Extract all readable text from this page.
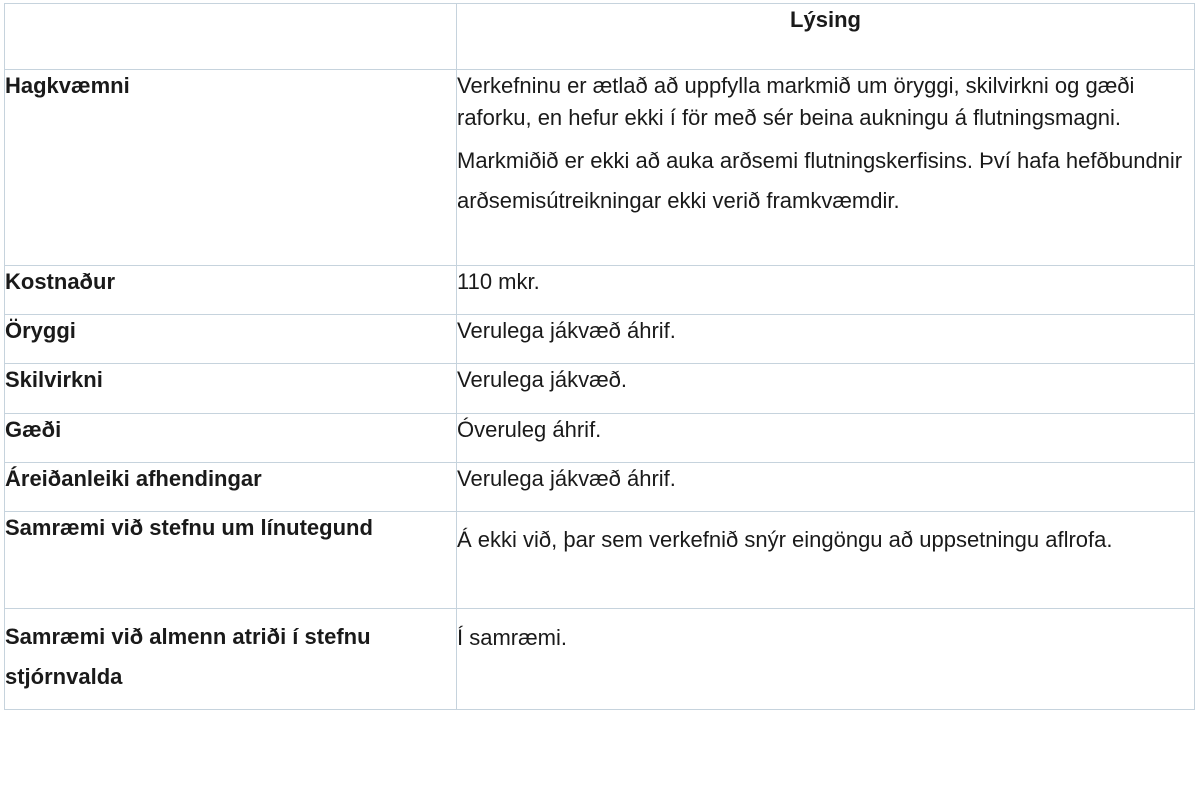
	Lýsing
Hagkvæmni	Verkefninu er ætlað að uppfylla markmið um öryggi, skilvirkni og gæði raforku, en hefur ekki í för með sér beina aukningu á flutningsmagni.

Markmiðið er ekki að auka arðsemi flutningskerfisins. Því hafa hefðbundnir arðsemisútreikningar ekki verið framkvæmdir.

Kostnaður	110 mkr.

Öryggi	Verulega jákvæð áhrif.

Skilvirkni	Verulega jákvæð.

Gæði	Óveruleg áhrif.

Áreiðanleiki afhendingar	Verulega jákvæð áhrif.

Samræmi við stefnu um línutegund	Á ekki við, þar sem verkefnið snýr eingöngu að uppsetningu aflrofa.

Samræmi við almenn atriði í stefnu stjórnvalda	Í samræmi.
